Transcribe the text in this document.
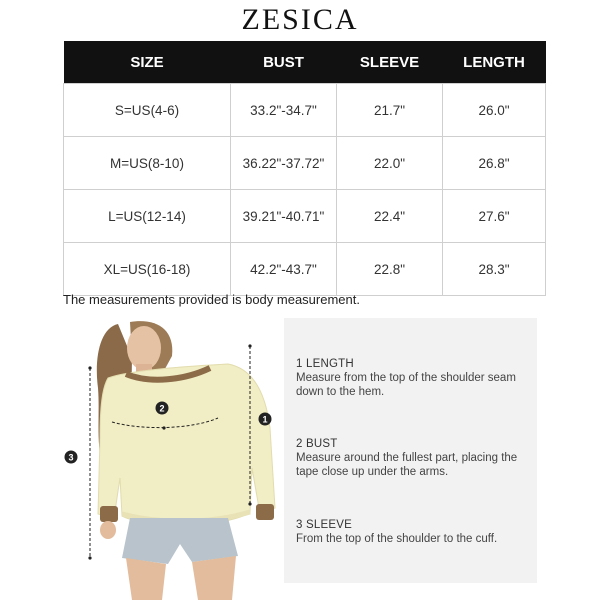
ZESICA
SIZE	BUST	SLEEVE	LENGTH
S=US(4-6)	33.2"-34.7"	21.7"	26.0"
M=US(8-10)	36.22"-37.72"	22.0"	26.8"
L=US(12-14)	39.21"-40.71"	22.4"	27.6"
XL=US(16-18)	42.2"-43.7"	22.8"	28.3"
The measurements provided is body measurement.
1
2
3
1 LENGTH
Measure from the top of the shoulder seam down to the hem.
2 BUST
Measure around the fullest part, placing the tape close up under the arms.
3 SLEEVE
From the top of the shoulder to the cuff.
